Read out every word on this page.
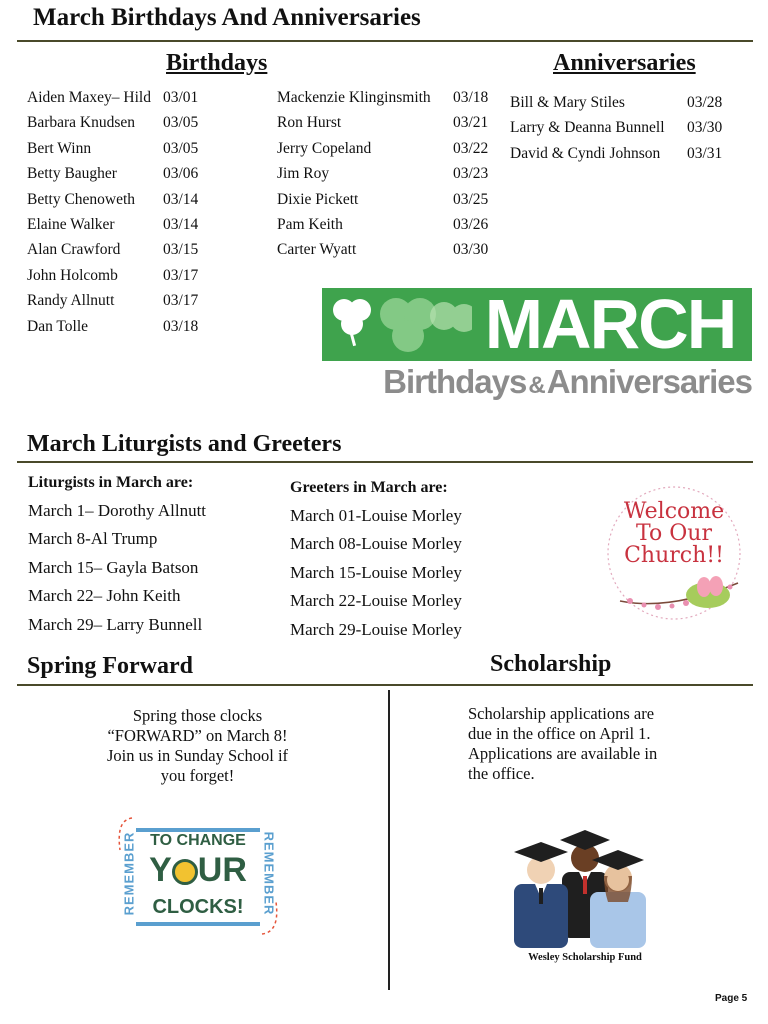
March Birthdays And Anniversaries
Birthdays
Aiden Maxey– Hild 03/01
Barbara Knudsen 03/05
Bert Winn	03/05
Betty Baugher	03/06
Betty Chenoweth 03/14
Elaine Walker	03/14
Alan Crawford	03/15
John Holcomb	03/17
Randy Allnutt	03/17
Dan Tolle	03/18
Mackenzie Klinginsmith 03/18
Ron Hurst	03/21
Jerry Copeland	03/22
Jim Roy	03/23
Dixie Pickett	03/25
Pam Keith	03/26
Carter Wyatt	03/30
Anniversaries
Bill & Mary Stiles	03/28
Larry & Deanna Bunnell 03/30
David & Cyndi Johnson 03/31
MARCH
Birthdays&Anniversaries
March Liturgists and Greeters
Liturgists in March are:
March 1– Dorothy Allnutt
March 8-Al Trump
March 15– Gayla Batson
March 22– John Keith
March 29– Larry Bunnell
Greeters in March are:
March 01-Louise Morley
March 08-Louise Morley
March 15-Louise Morley
March 22-Louise Morley
March 29-Louise Morley
Welcome
To Our
Church!!
Spring Forward	Scholarship
Spring those clocks
“FORWARD” on March 8!
Join us in Sunday School if
you forget!
REMEMBER	REMEMBER
TO CHANGE
Y UR
CLOCKS!
Scholarship applications are
due in the office on April 1.
Applications are available in
the office.
Wesley Scholarship Fund
Page 5
